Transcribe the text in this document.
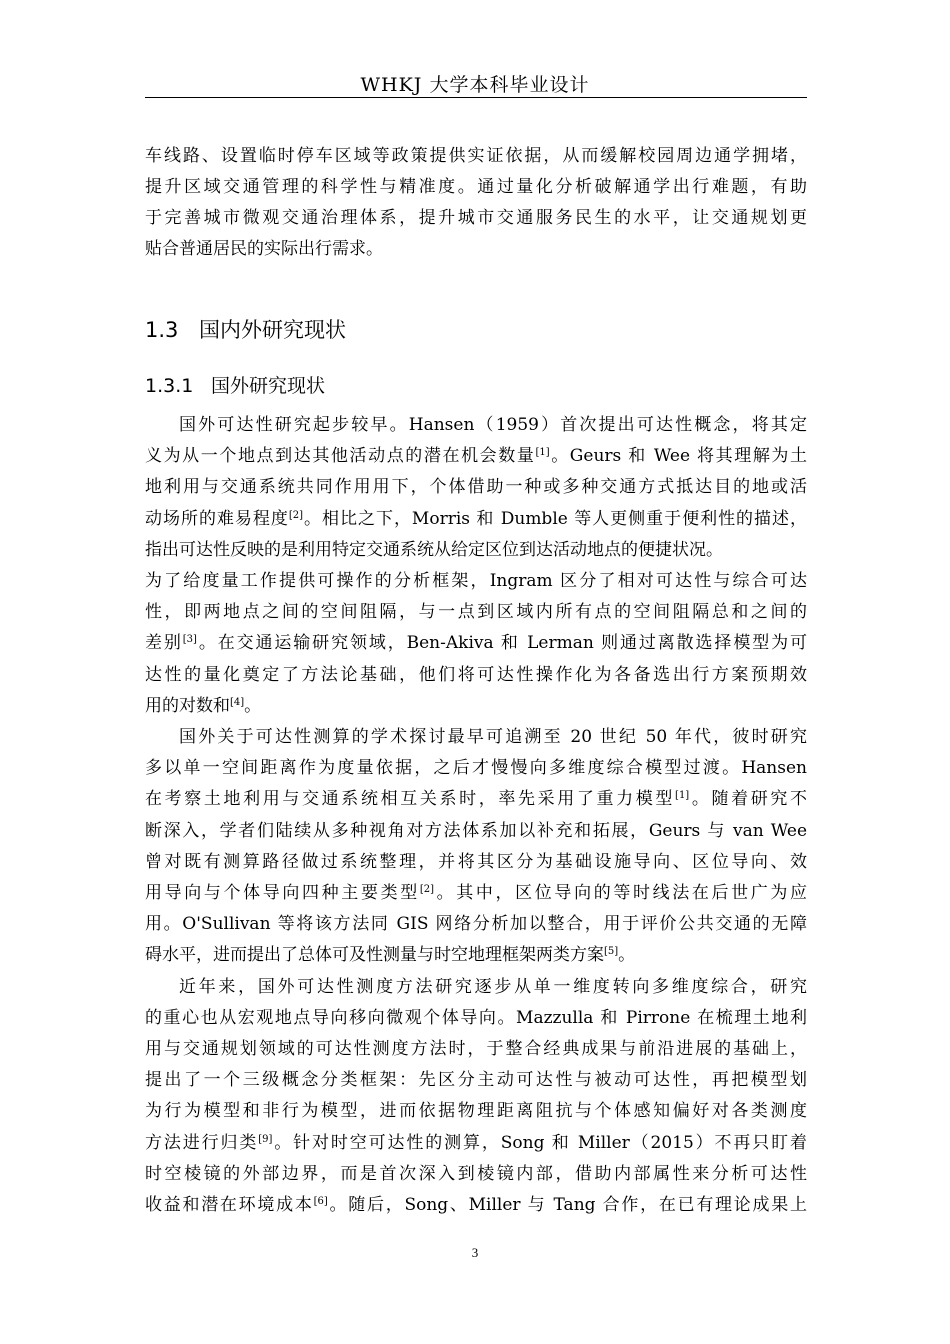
WHKJ 大学本科毕业设计
车线路、设置临时停车区域等政策提供实证依据，从而缓解校园周边通学拥堵，
提升区域交通管理的科学性与精准度。通过量化分析破解通学出行难题，有助
于完善城市微观交通治理体系，提升城市交通服务民生的水平，让交通规划更
贴合普通居民的实际出行需求。
1.3 国内外研究现状
1.3.1 国外研究现状
国外可达性研究起步较早。Hansen（1959）首次提出可达性概念，将其定
义为从一个地点到达其他活动点的潜在机会数量[1]。Geurs 和 Wee 将其理解为土
地利用与交通系统共同作用用下，个体借助一种或多种交通方式抵达目的地或活
动场所的难易程度[2]。相比之下，Morris 和 Dumble 等人更侧重于便利性的描述，
指出可达性反映的是利用特定交通系统从给定区位到达活动地点的便捷状况。
为了给度量工作提供可操作的分析框架，Ingram 区分了相对可达性与综合可达
性，即两地点之间的空间阻隔，与一点到区域内所有点的空间阻隔总和之间的
差别[3]。在交通运输研究领域，Ben-Akiva 和 Lerman 则通过离散选择模型为可
达性的量化奠定了方法论基础，他们将可达性操作化为各备选出行方案预期效
用的对数和[4]。
国外关于可达性测算的学术探讨最早可追溯至 20 世纪 50 年代，彼时研究
多以单一空间距离作为度量依据，之后才慢慢向多维度综合模型过渡。Hansen
在考察土地利用与交通系统相互关系时，率先采用了重力模型[1]。随着研究不
断深入，学者们陆续从多种视角对方法体系加以补充和拓展，Geurs 与 van Wee
曾对既有测算路径做过系统整理，并将其区分为基础设施导向、区位导向、效
用导向与个体导向四种主要类型[2]。其中，区位导向的等时线法在后世广为应
用。O'Sullivan 等将该方法同 GIS 网络分析加以整合，用于评价公共交通的无障
碍水平，进而提出了总体可及性测量与时空地理框架两类方案[5]。
近年来，国外可达性测度方法研究逐步从单一维度转向多维度综合，研究
的重心也从宏观地点导向移向微观个体导向。Mazzulla 和 Pirrone 在梳理土地利
用与交通规划领域的可达性测度方法时，于整合经典成果与前沿进展的基础上，
提出了一个三级概念分类框架：先区分主动可达性与被动可达性，再把模型划
为行为模型和非行为模型，进而依据物理距离阻抗与个体感知偏好对各类测度
方法进行归类[9]。针对时空可达性的测算，Song 和 Miller（2015）不再只盯着
时空棱镜的外部边界，而是首次深入到棱镜内部，借助内部属性来分析可达性
收益和潜在环境成本[6]。随后，Song、Miller 与 Tang 合作，在已有理论成果上
3
